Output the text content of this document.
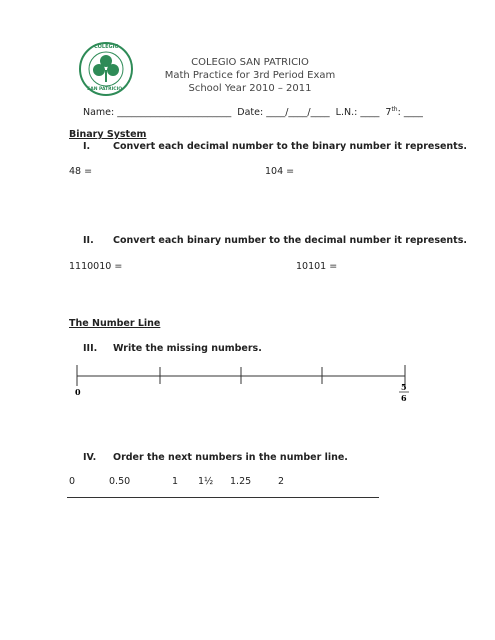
COLEGIO
SAN PATRICIO
COLEGIO SAN PATRICIO
Math Practice for 3rd Period Exam
School Year 2010 – 2011
Name: ________________________ Date: ____/____/____ L.N.: ____ 7th: ____
Binary System
I. Convert each decimal number to the binary number it represents.
48 =	104 =
II. Convert each binary number to the decimal number it represents.
1110010 =	10101 =
The Number Line
III. Write the missing numbers.
0	5
6
IV. Order the next numbers in the number line.
0	0.50	1 1½ 1.25	2
